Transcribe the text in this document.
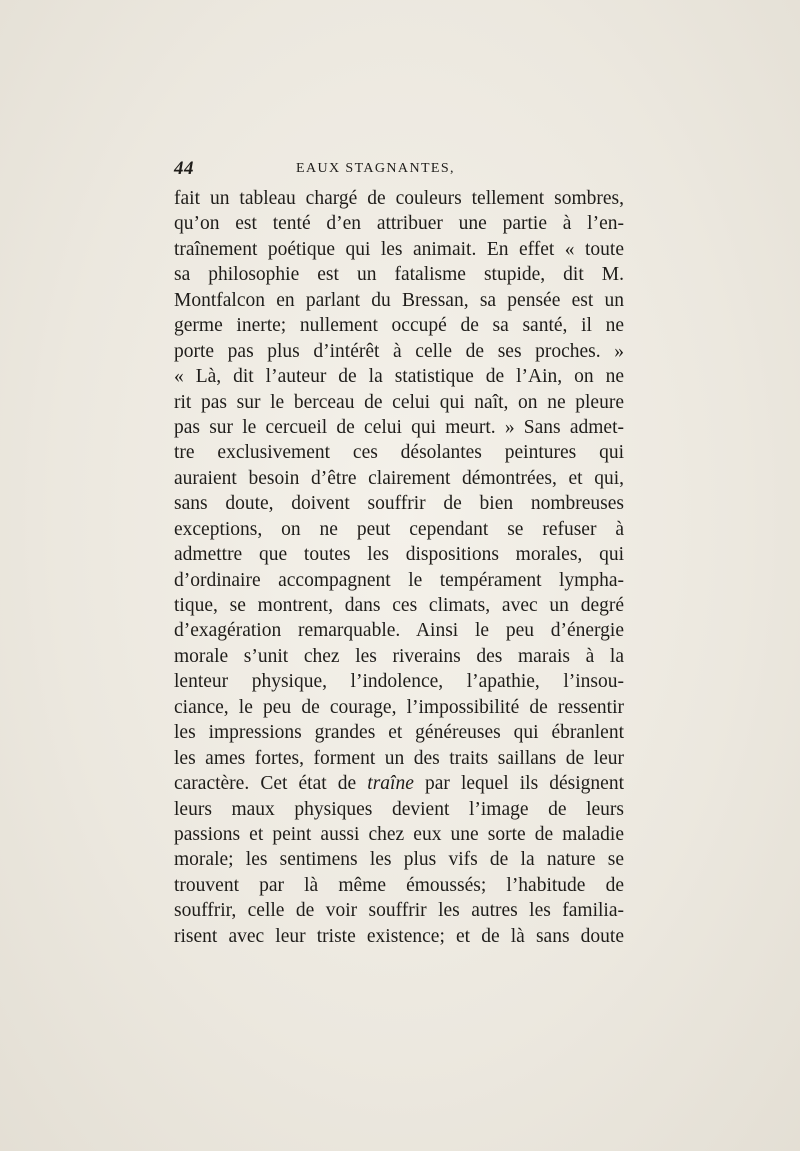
44	EAUX STAGNANTES,
fait un tableau chargé de couleurs tellement sombres,
qu’on est tenté d’en attribuer une partie à l’en-
traînement poétique qui les animait. En effet « toute
sa philosophie est un fatalisme stupide, dit M.
Montfalcon en parlant du Bressan, sa pensée est un
germe inerte; nullement occupé de sa santé, il ne
porte pas plus d’intérêt à celle de ses proches. »
« Là, dit l’auteur de la statistique de l’Ain, on ne
rit pas sur le berceau de celui qui naît, on ne pleure
pas sur le cercueil de celui qui meurt. » Sans admet-
tre exclusivement ces désolantes peintures qui
auraient besoin d’être clairement démontrées, et qui,
sans doute, doivent souffrir de bien nombreuses
exceptions, on ne peut cependant se refuser à
admettre que toutes les dispositions morales, qui
d’ordinaire accompagnent le tempérament lympha-
tique, se montrent, dans ces climats, avec un degré
d’exagération remarquable. Ainsi le peu d’énergie
morale s’unit chez les riverains des marais à la
lenteur physique, l’indolence, l’apathie, l’insou-
ciance, le peu de courage, l’impossibilité de ressentir
les impressions grandes et généreuses qui ébranlent
les ames fortes, forment un des traits saillans de leur
caractère. Cet état de traîne par lequel ils désignent
leurs maux physiques devient l’image de leurs
passions et peint aussi chez eux une sorte de maladie
morale; les sentimens les plus vifs de la nature se
trouvent par là même émoussés; l’habitude de
souffrir, celle de voir souffrir les autres les familia-
risent avec leur triste existence; et de là sans doute
